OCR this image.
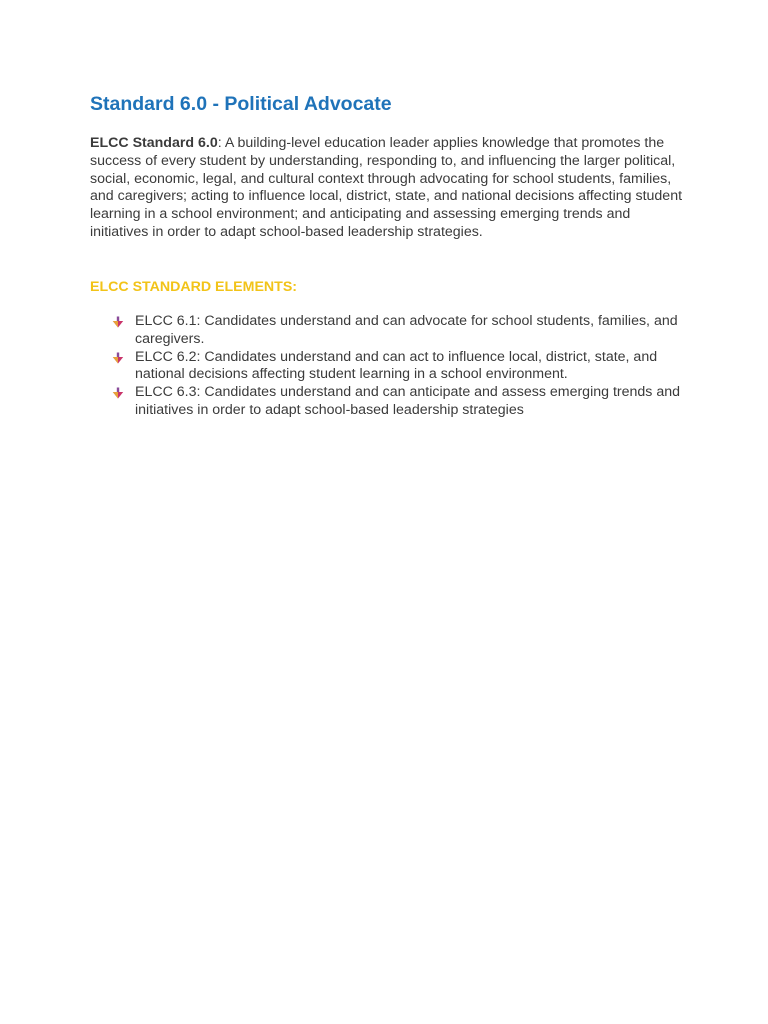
Standard 6.0 - Political Advocate

ELCC Standard 6.0: A building-level education leader applies knowledge that promotes the success of every student by understanding, responding to, and influencing the larger political, social, economic, legal, and cultural context through advocating for school students, families, and caregivers; acting to influence local, district, state, and national decisions affecting student learning in a school environment; and anticipating and assessing emerging trends and initiatives in order to adapt school-based leadership strategies.

ELCC STANDARD ELEMENTS:
ELCC 6.1: Candidates understand and can advocate for school students, families, and caregivers.
ELCC 6.2: Candidates understand and can act to influence local, district, state, and national decisions affecting student learning in a school environment.
ELCC 6.3: Candidates understand and can anticipate and assess emerging trends and initiatives in order to adapt school-based leadership strategies
